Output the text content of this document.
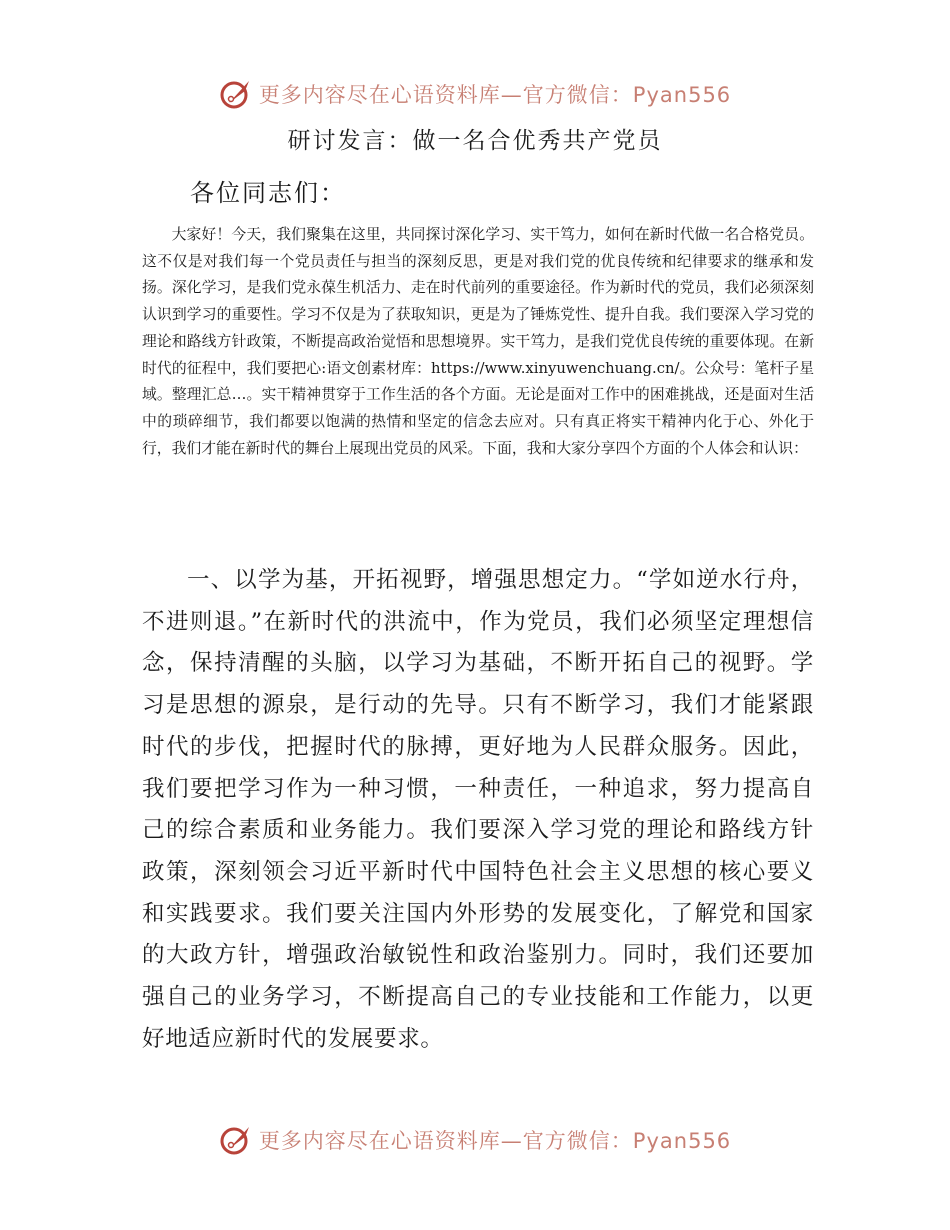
更多内容尽在心语资料库—官方微信：Pyan556
研讨发言：做一名合优秀共产党员

各位同志们：

大家好！今天，我们聚集在这里，共同探讨深化学习、实干笃力，如何在新时代做一名合格党员。这不仅是对我们每一个党员责任与担当的深刻反思，更是对我们党的优良传统和纪律要求的继承和发扬。深化学习，是我们党永葆生机活力、走在时代前列的重要途径。作为新时代的党员，我们必须深刻认识到学习的重要性。学习不仅是为了获取知识，更是为了锤炼党性、提升自我。我们要深入学习党的理论和路线方针政策，不断提高政治觉悟和思想境界。实干笃力，是我们党优良传统的重要体现。在新时代的征程中，我们要把心:语文创素材库：https://www.xinyuwenchuang.cn/。公众号：笔杆子星域。整理汇总…。实干精神贯穿于工作生活的各个方面。无论是面对工作中的困难挑战，还是面对生活中的琐碎细节，我们都要以饱满的热情和坚定的信念去应对。只有真正将实干精神内化于心、外化于行，我们才能在新时代的舞台上展现出党员的风采。下面，我和大家分享四个方面的个人体会和认识：

一、以学为基，开拓视野，增强思想定力。“学如逆水行舟，不进则退。”在新时代的洪流中，作为党员，我们必须坚定理想信念，保持清醒的头脑，以学习为基础，不断开拓自己的视野。学习是思想的源泉，是行动的先导。只有不断学习，我们才能紧跟时代的步伐，把握时代的脉搏，更好地为人民群众服务。因此，我们要把学习作为一种习惯，一种责任，一种追求，努力提高自己的综合素质和业务能力。我们要深入学习党的理论和路线方针政策，深刻领会习近平新时代中国特色社会主义思想的核心要义和实践要求。我们要关注国内外形势的发展变化，了解党和国家的大政方针，增强政治敏锐性和政治鉴别力。同时，我们还要加强自己的业务学习，不断提高自己的专业技能和工作能力，以更好地适应新时代的发展要求。

更多内容尽在心语资料库—官方微信：Pyan556
